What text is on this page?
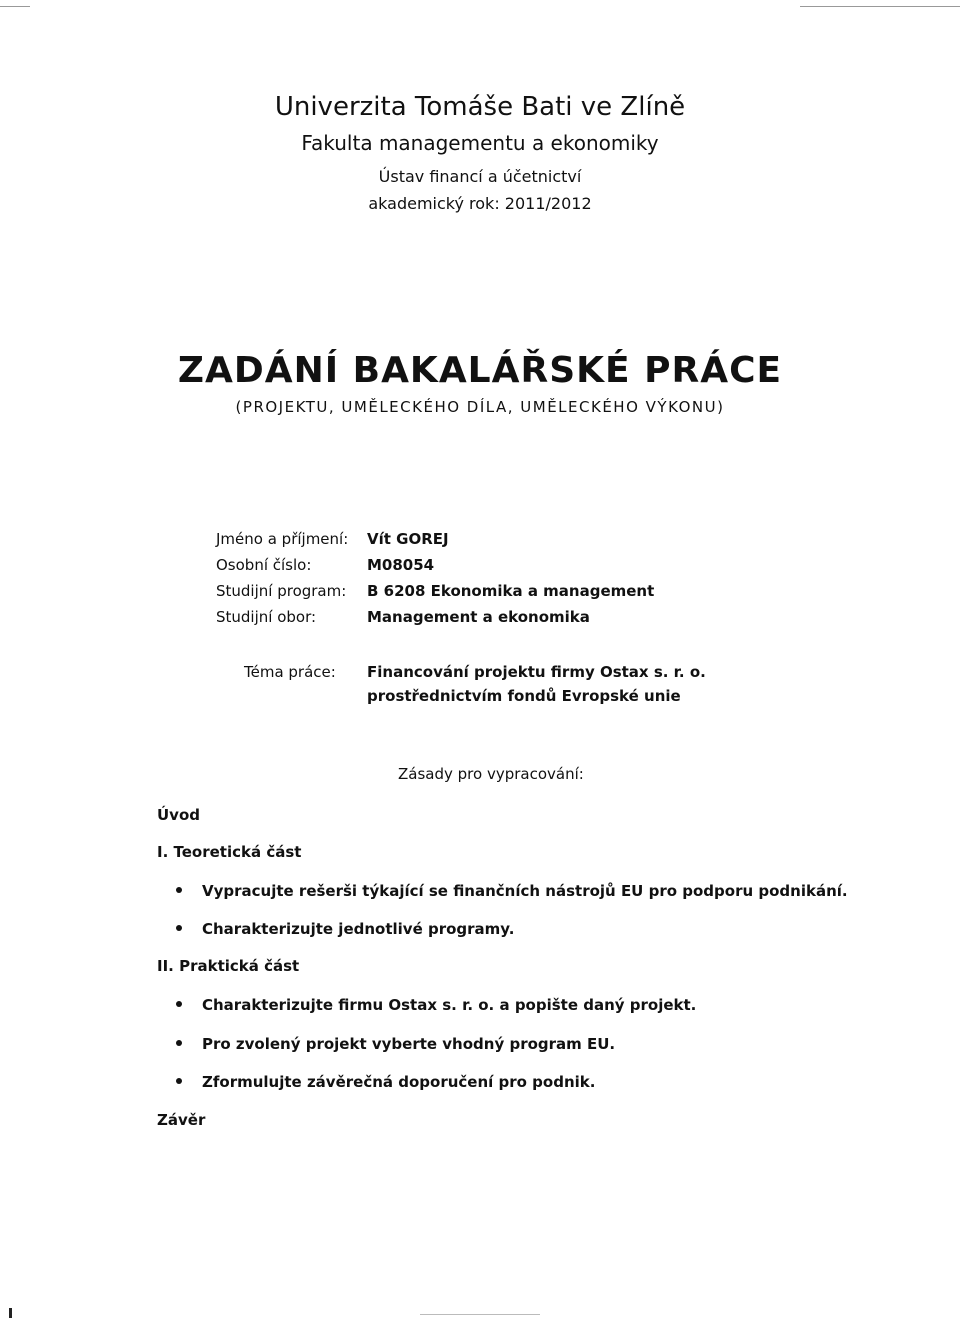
Univerzita Tomáše Bati ve Zlíně
Fakulta managementu a ekonomiky
Ústav financí a účetnictví
akademický rok: 2011/2012
ZADÁNÍ BAKALÁŘSKÉ PRÁCE
(PROJEKTU, UMĚLECKÉHO DÍLA, UMĚLECKÉHO VÝKONU)
Jméno a příjmení: Vít GOREJ
Osobní číslo:	M08054
Studijní program: B 6208 Ekonomika a management
Studijní obor:	Management a ekonomika
Téma práce: Financování projektu firmy Ostax s. r. o.
prostřednictvím fondů Evropské unie
Zásady pro vypracování:
Úvod
I. Teoretická část
Vypracujte rešerši týkající se finančních nástrojů EU pro podporu podnikání.
Charakterizujte jednotlivé programy.
II. Praktická část
Charakterizujte firmu Ostax s. r. o. a popište daný projekt.
Pro zvolený projekt vyberte vhodný program EU.
Zformulujte závěrečná doporučení pro podnik.
Závěr
